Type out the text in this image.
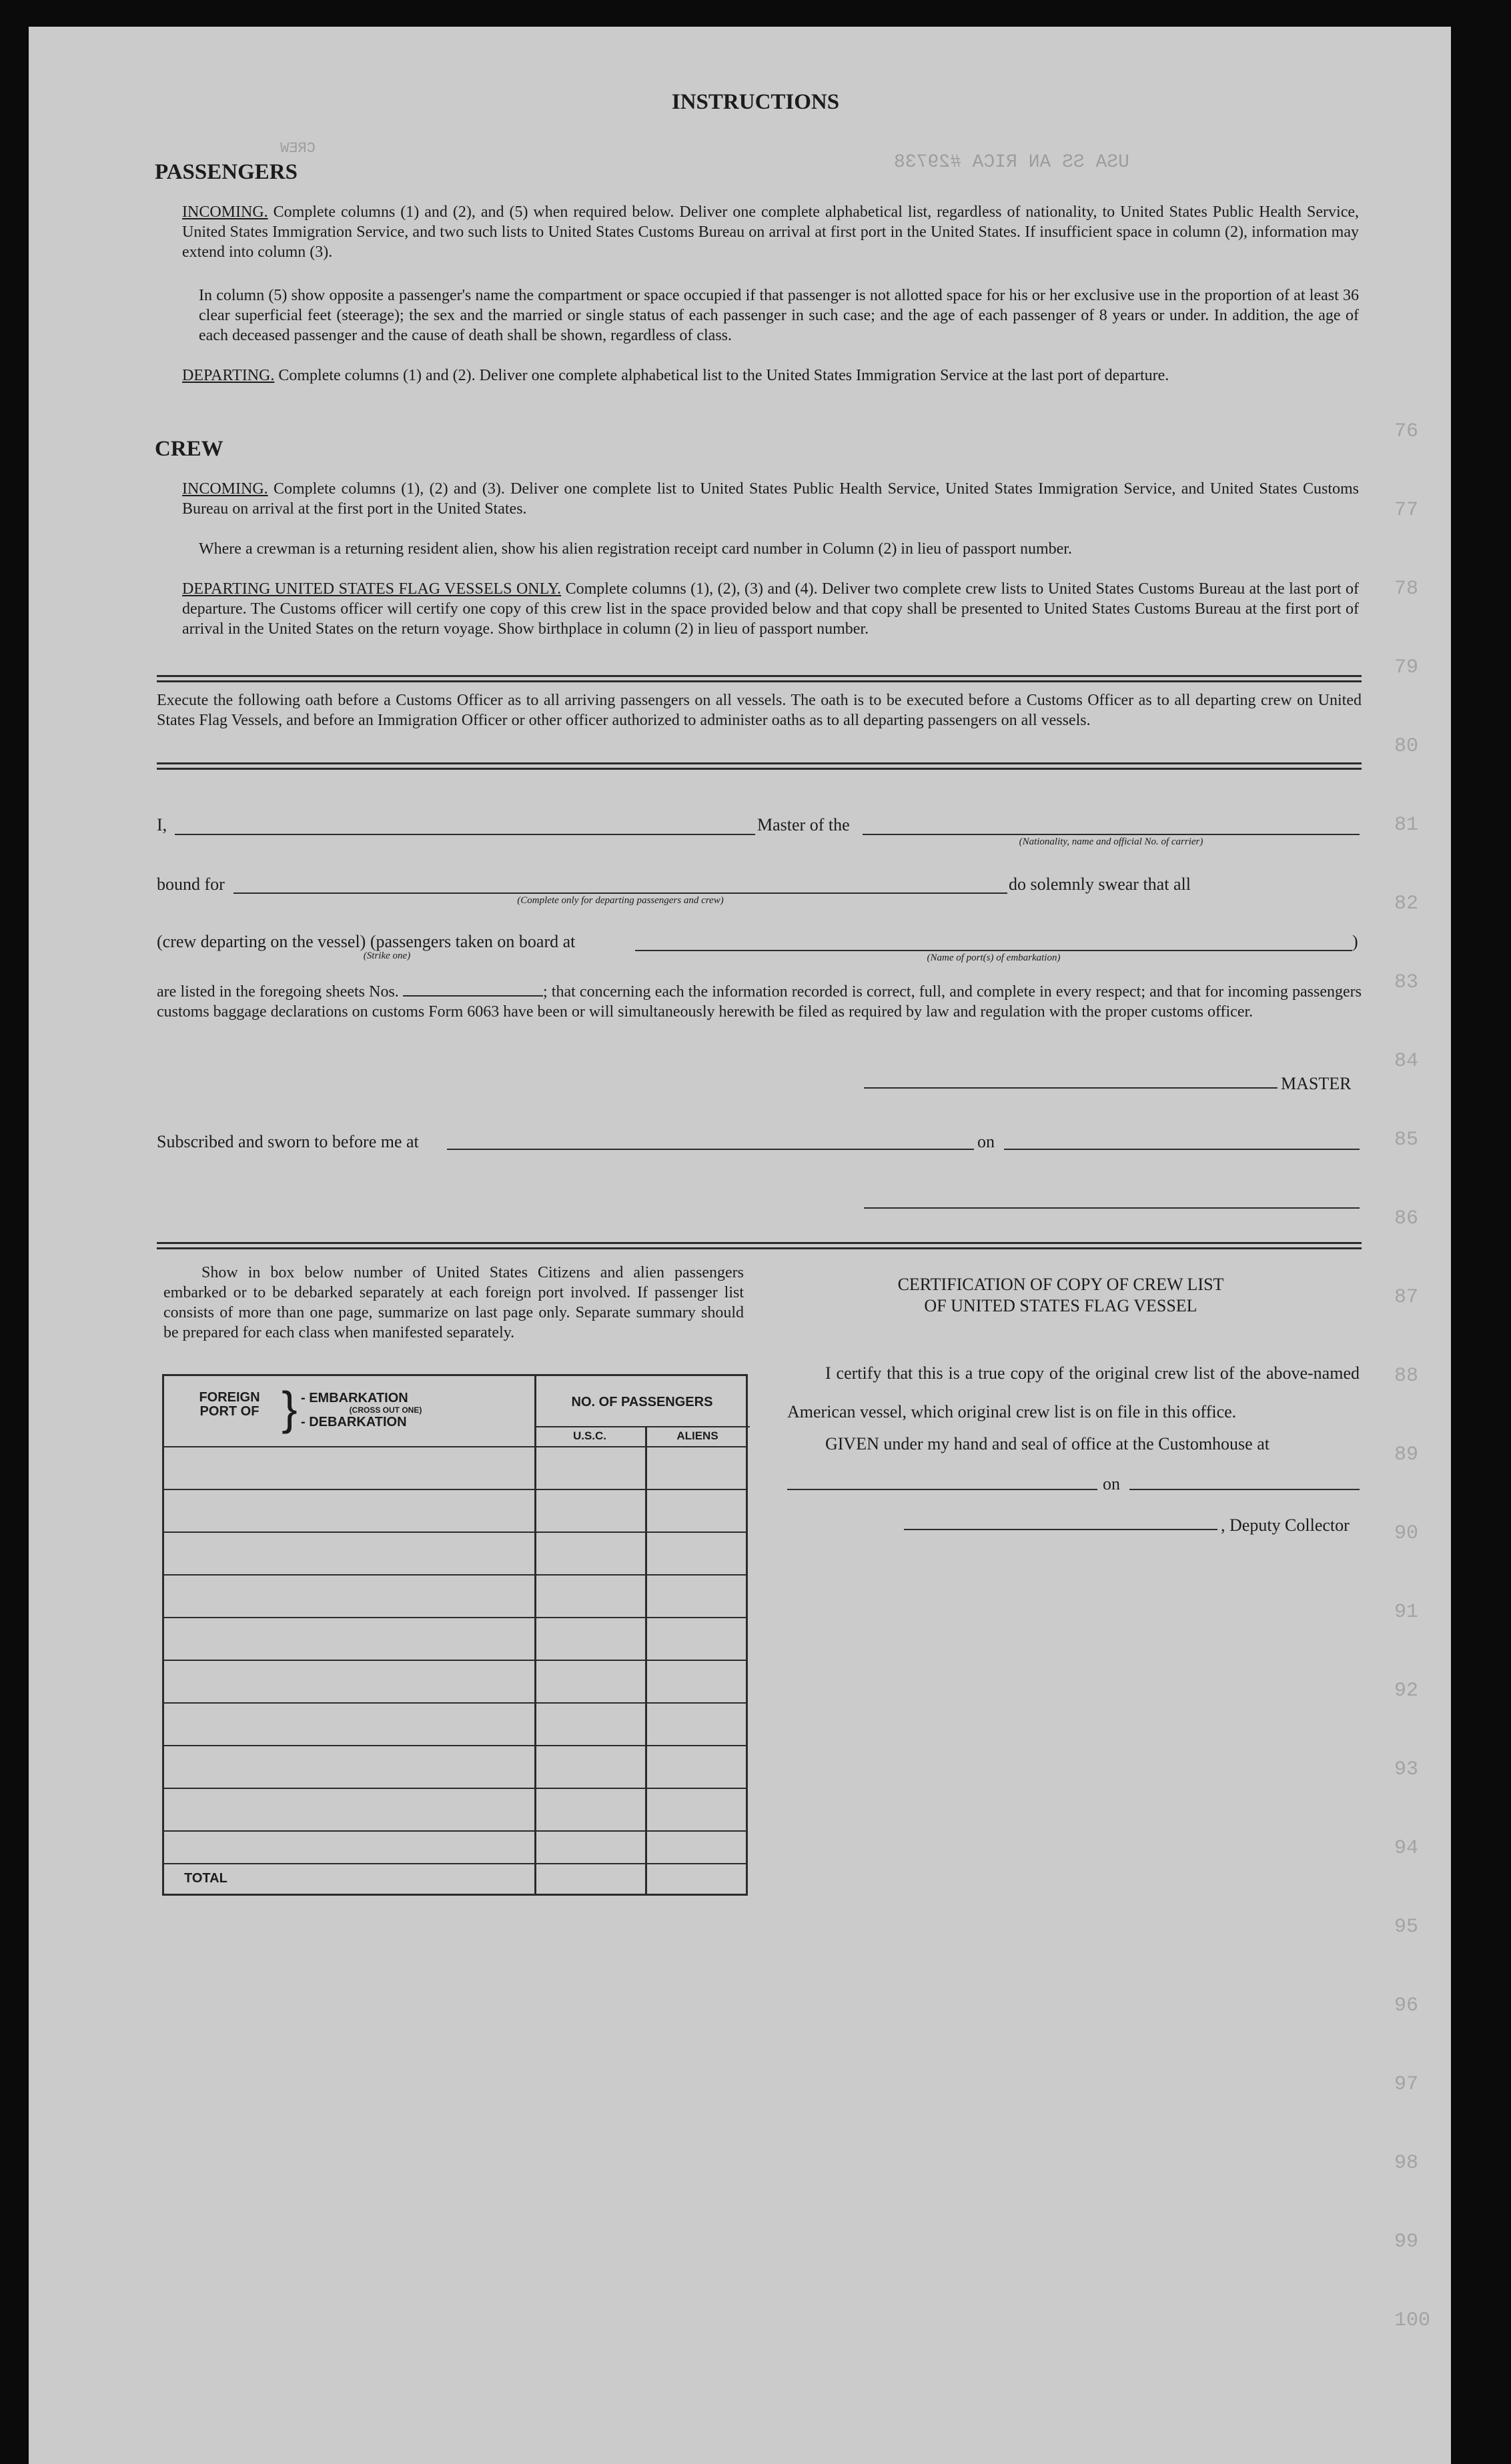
USA SS AN RICA #29738
CREW
76
77
78
79
80
81
82
83
84
85
86
87
88
89
90
91
92
93
94
95
96
97
98
99
100
INSTRUCTIONS
PASSENGERS
INCOMING. Complete columns (1) and (2), and (5) when required below. Deliver one complete alphabetical list, regardless of nationality, to United States Public Health Service, United States Immigration Service, and two such lists to United States Customs Bureau on arrival at first port in the United States. If insufficient space in column (2), information may extend into column (3).
In column (5) show opposite a passenger's name the compartment or space occupied if that passenger is not allotted space for his or her exclusive use in the proportion of at least 36 clear superficial feet (steerage); the sex and the married or single status of each passenger in such case; and the age of each passenger of 8 years or under. In addition, the age of each deceased passenger and the cause of death shall be shown, regardless of class.
DEPARTING. Complete columns (1) and (2). Deliver one complete alphabetical list to the United States Immigration Service at the last port of departure.
CREW
INCOMING. Complete columns (1), (2) and (3). Deliver one complete list to United States Public Health Service, United States Immigration Service, and United States Customs Bureau on arrival at the first port in the United States.
Where a crewman is a returning resident alien, show his alien registration receipt card number in Column (2) in lieu of passport number.
DEPARTING UNITED STATES FLAG VESSELS ONLY. Complete columns (1), (2), (3) and (4). Deliver two complete crew lists to United States Customs Bureau at the last port of departure. The Customs officer will certify one copy of this crew list in the space provided below and that copy shall be presented to United States Customs Bureau at the first port of arrival in the United States on the return voyage. Show birthplace in column (2) in lieu of passport number.
Execute the following oath before a Customs Officer as to all arriving passengers on all vessels. The oath is to be executed before a Customs Officer as to all departing crew on United States Flag Vessels, and before an Immigration Officer or other officer authorized to administer oaths as to all departing passengers on all vessels.
I,	Master of the
(Nationality, name and official No. of carrier)
bound for
(Complete only for departing passengers and crew)
do solemnly swear that all
(crew departing on the vessel) (passengers taken on board at
(Strike one)
)
(Name of port(s) of embarkation)
are listed in the foregoing sheets Nos.	; that concerning each the information recorded is correct, full, and complete in every respect; and that for incoming passengers customs baggage declarations on customs Form 6063 have been or will simultaneously herewith be filed as required by law and regulation with the proper customs officer.
MASTER
Subscribed and sworn to before me at	on
Show in box below number of United States Citizens and alien passengers embarked or to be debarked separately at each foreign port involved. If passenger list consists of more than one page, summarize on last page only. Separate summary should be prepared for each class when manifested separately.
FOREIGN PORT OF } - EMBARKATION
(CROSS OUT ONE)
- DEBARKATION
NO. OF PASSENGERS
U.S.C.	ALIENS
TOTAL
CERTIFICATION OF COPY OF CREW LIST
OF UNITED STATES FLAG VESSEL
I certify that this is a true copy of the original crew list of the above-named American vessel, which original crew list is on file in this office.
GIVEN under my hand and seal of office at the Customhouse at
on
, Deputy Collector
